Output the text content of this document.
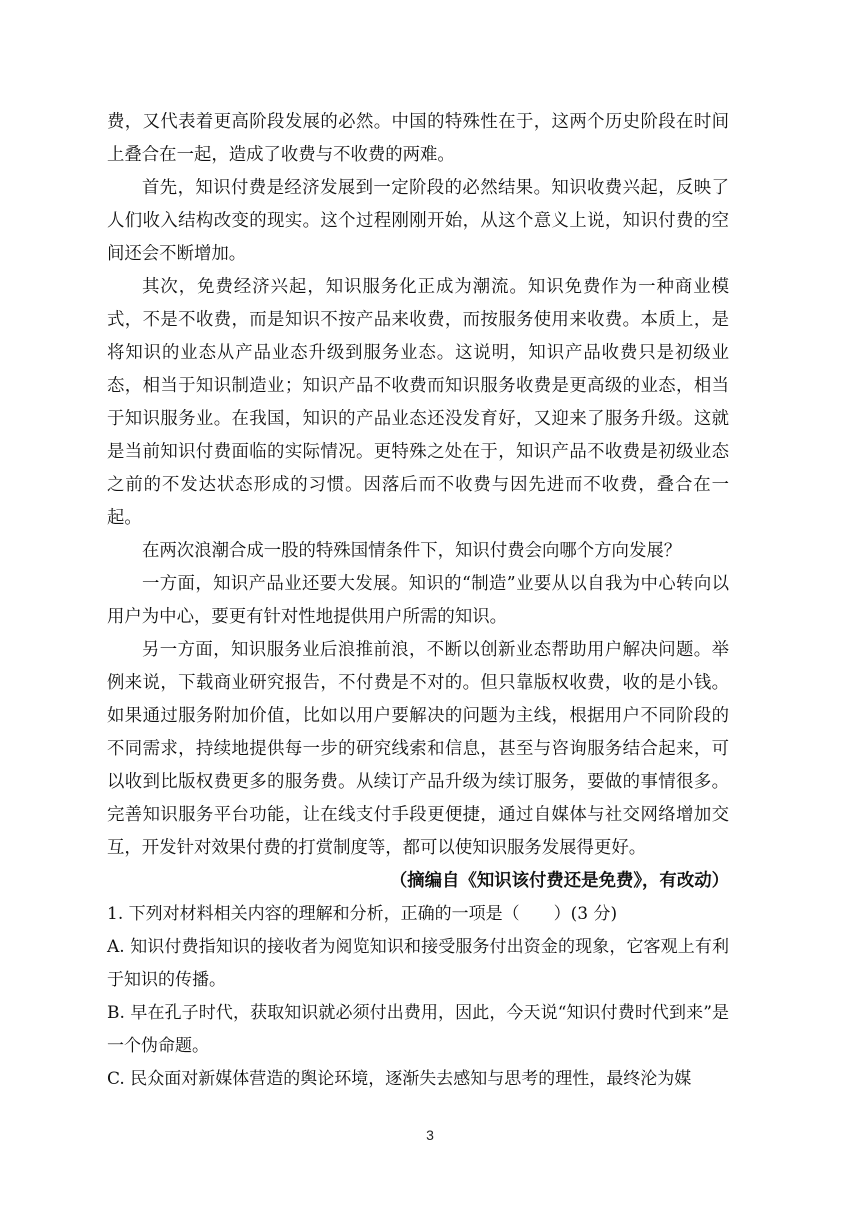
费，又代表着更高阶段发展的必然。中国的特殊性在于，这两个历史阶段在时间上叠合在一起，造成了收费与不收费的两难。

首先，知识付费是经济发展到一定阶段的必然结果。知识收费兴起，反映了人们收入结构改变的现实。这个过程刚刚开始，从这个意义上说，知识付费的空间还会不断增加。

其次，免费经济兴起，知识服务化正成为潮流。知识免费作为一种商业模式，不是不收费，而是知识不按产品来收费，而按服务使用来收费。本质上，是将知识的业态从产品业态升级到服务业态。这说明，知识产品收费只是初级业态，相当于知识制造业；知识产品不收费而知识服务收费是更高级的业态，相当于知识服务业。在我国，知识的产品业态还没发育好，又迎来了服务升级。这就是当前知识付费面临的实际情况。更特殊之处在于，知识产品不收费是初级业态之前的不发达状态形成的习惯。因落后而不收费与因先进而不收费，叠合在一起。

在两次浪潮合成一股的特殊国情条件下，知识付费会向哪个方向发展？

一方面，知识产品业还要大发展。知识的“制造”业要从以自我为中心转向以用户为中心，要更有针对性地提供用户所需的知识。

另一方面，知识服务业后浪推前浪，不断以创新业态帮助用户解决问题。举例来说，下载商业研究报告，不付费是不对的。但只靠版权收费，收的是小钱。如果通过服务附加价值，比如以用户要解决的问题为主线，根据用户不同阶段的不同需求，持续地提供每一步的研究线索和信息，甚至与咨询服务结合起来，可以收到比版权费更多的服务费。从续订产品升级为续订服务，要做的事情很多。完善知识服务平台功能，让在线支付手段更便捷，通过自媒体与社交网络增加交互，开发针对效果付费的打赏制度等，都可以使知识服务发展得更好。

（摘编自《知识该付费还是免费》，有改动）

1. 下列对材料相关内容的理解和分析，正确的一项是（　　）(3 分)

A. 知识付费指知识的接收者为阅览知识和接受服务付出资金的现象，它客观上有利于知识的传播。

B. 早在孔子时代，获取知识就必须付出费用，因此，今天说“知识付费时代到来”是一个伪命题。

C. 民众面对新媒体营造的舆论环境，逐渐失去感知与思考的理性，最终沦为媒

3
